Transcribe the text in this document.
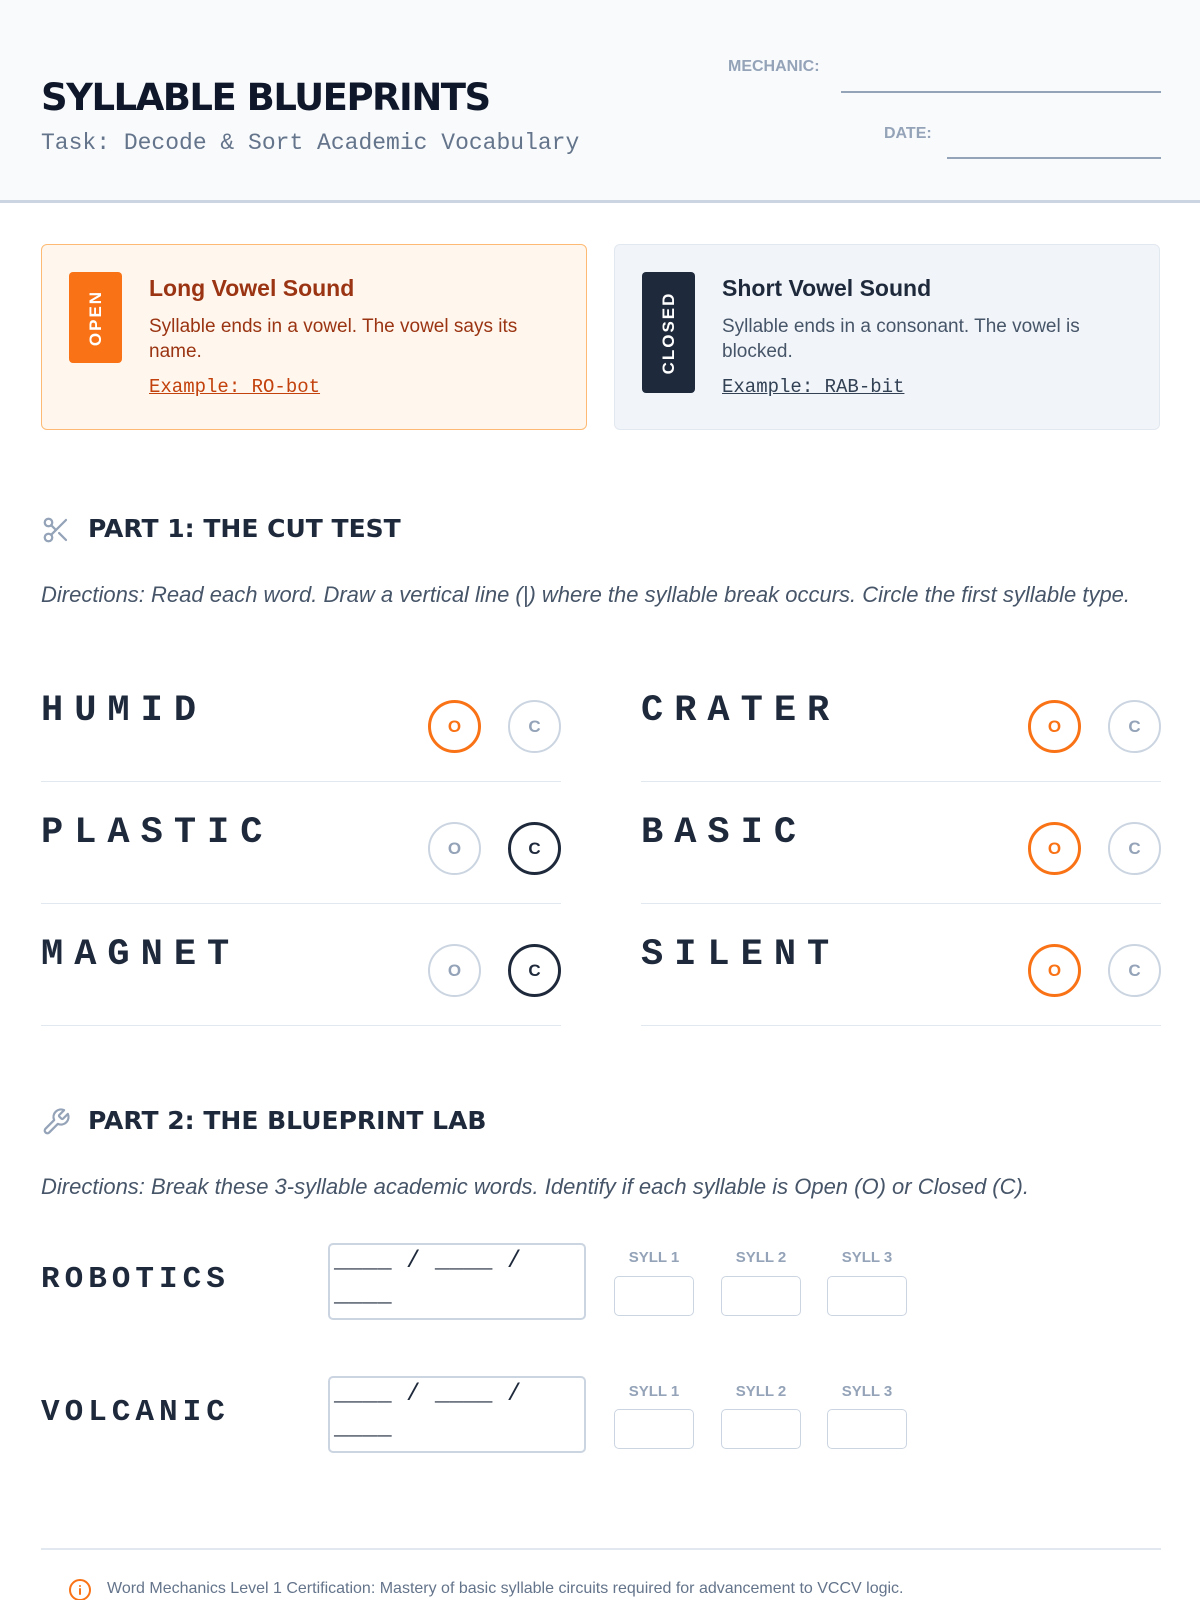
SYLLABLE BLUEPRINTS
Task: Decode & Sort Academic Vocabulary
MECHANIC:
DATE:
OPEN
Long Vowel Sound
Syllable ends in a vowel. The vowel says its name.
Example: RO-bot
CLOSED
Short Vowel Sound
Syllable ends in a consonant. The vowel is blocked.
Example: RAB-bit
PART 1: THE CUT TEST
Directions: Read each word. Draw a vertical line (|) where the syllable break occurs. Circle the first syllable type.
HUMID	O	C	CRATER	O	C
PLASTIC	O	C	BASIC	O	C
MAGNET	O	C	SILENT	O	C
PART 2: THE BLUEPRINT LAB
Directions: Break these 3-syllable academic words. Identify if each syllable is Open (O) or Closed (C).
ROBOTICS
____ / ____ / ____
SYLL 1	SYLL 2	SYLL 3
VOLCANIC
____ / ____ / ____
SYLL 1	SYLL 2	SYLL 3
Word Mechanics Level 1 Certification: Mastery of basic syllable circuits required for advancement to VCCV logic.
